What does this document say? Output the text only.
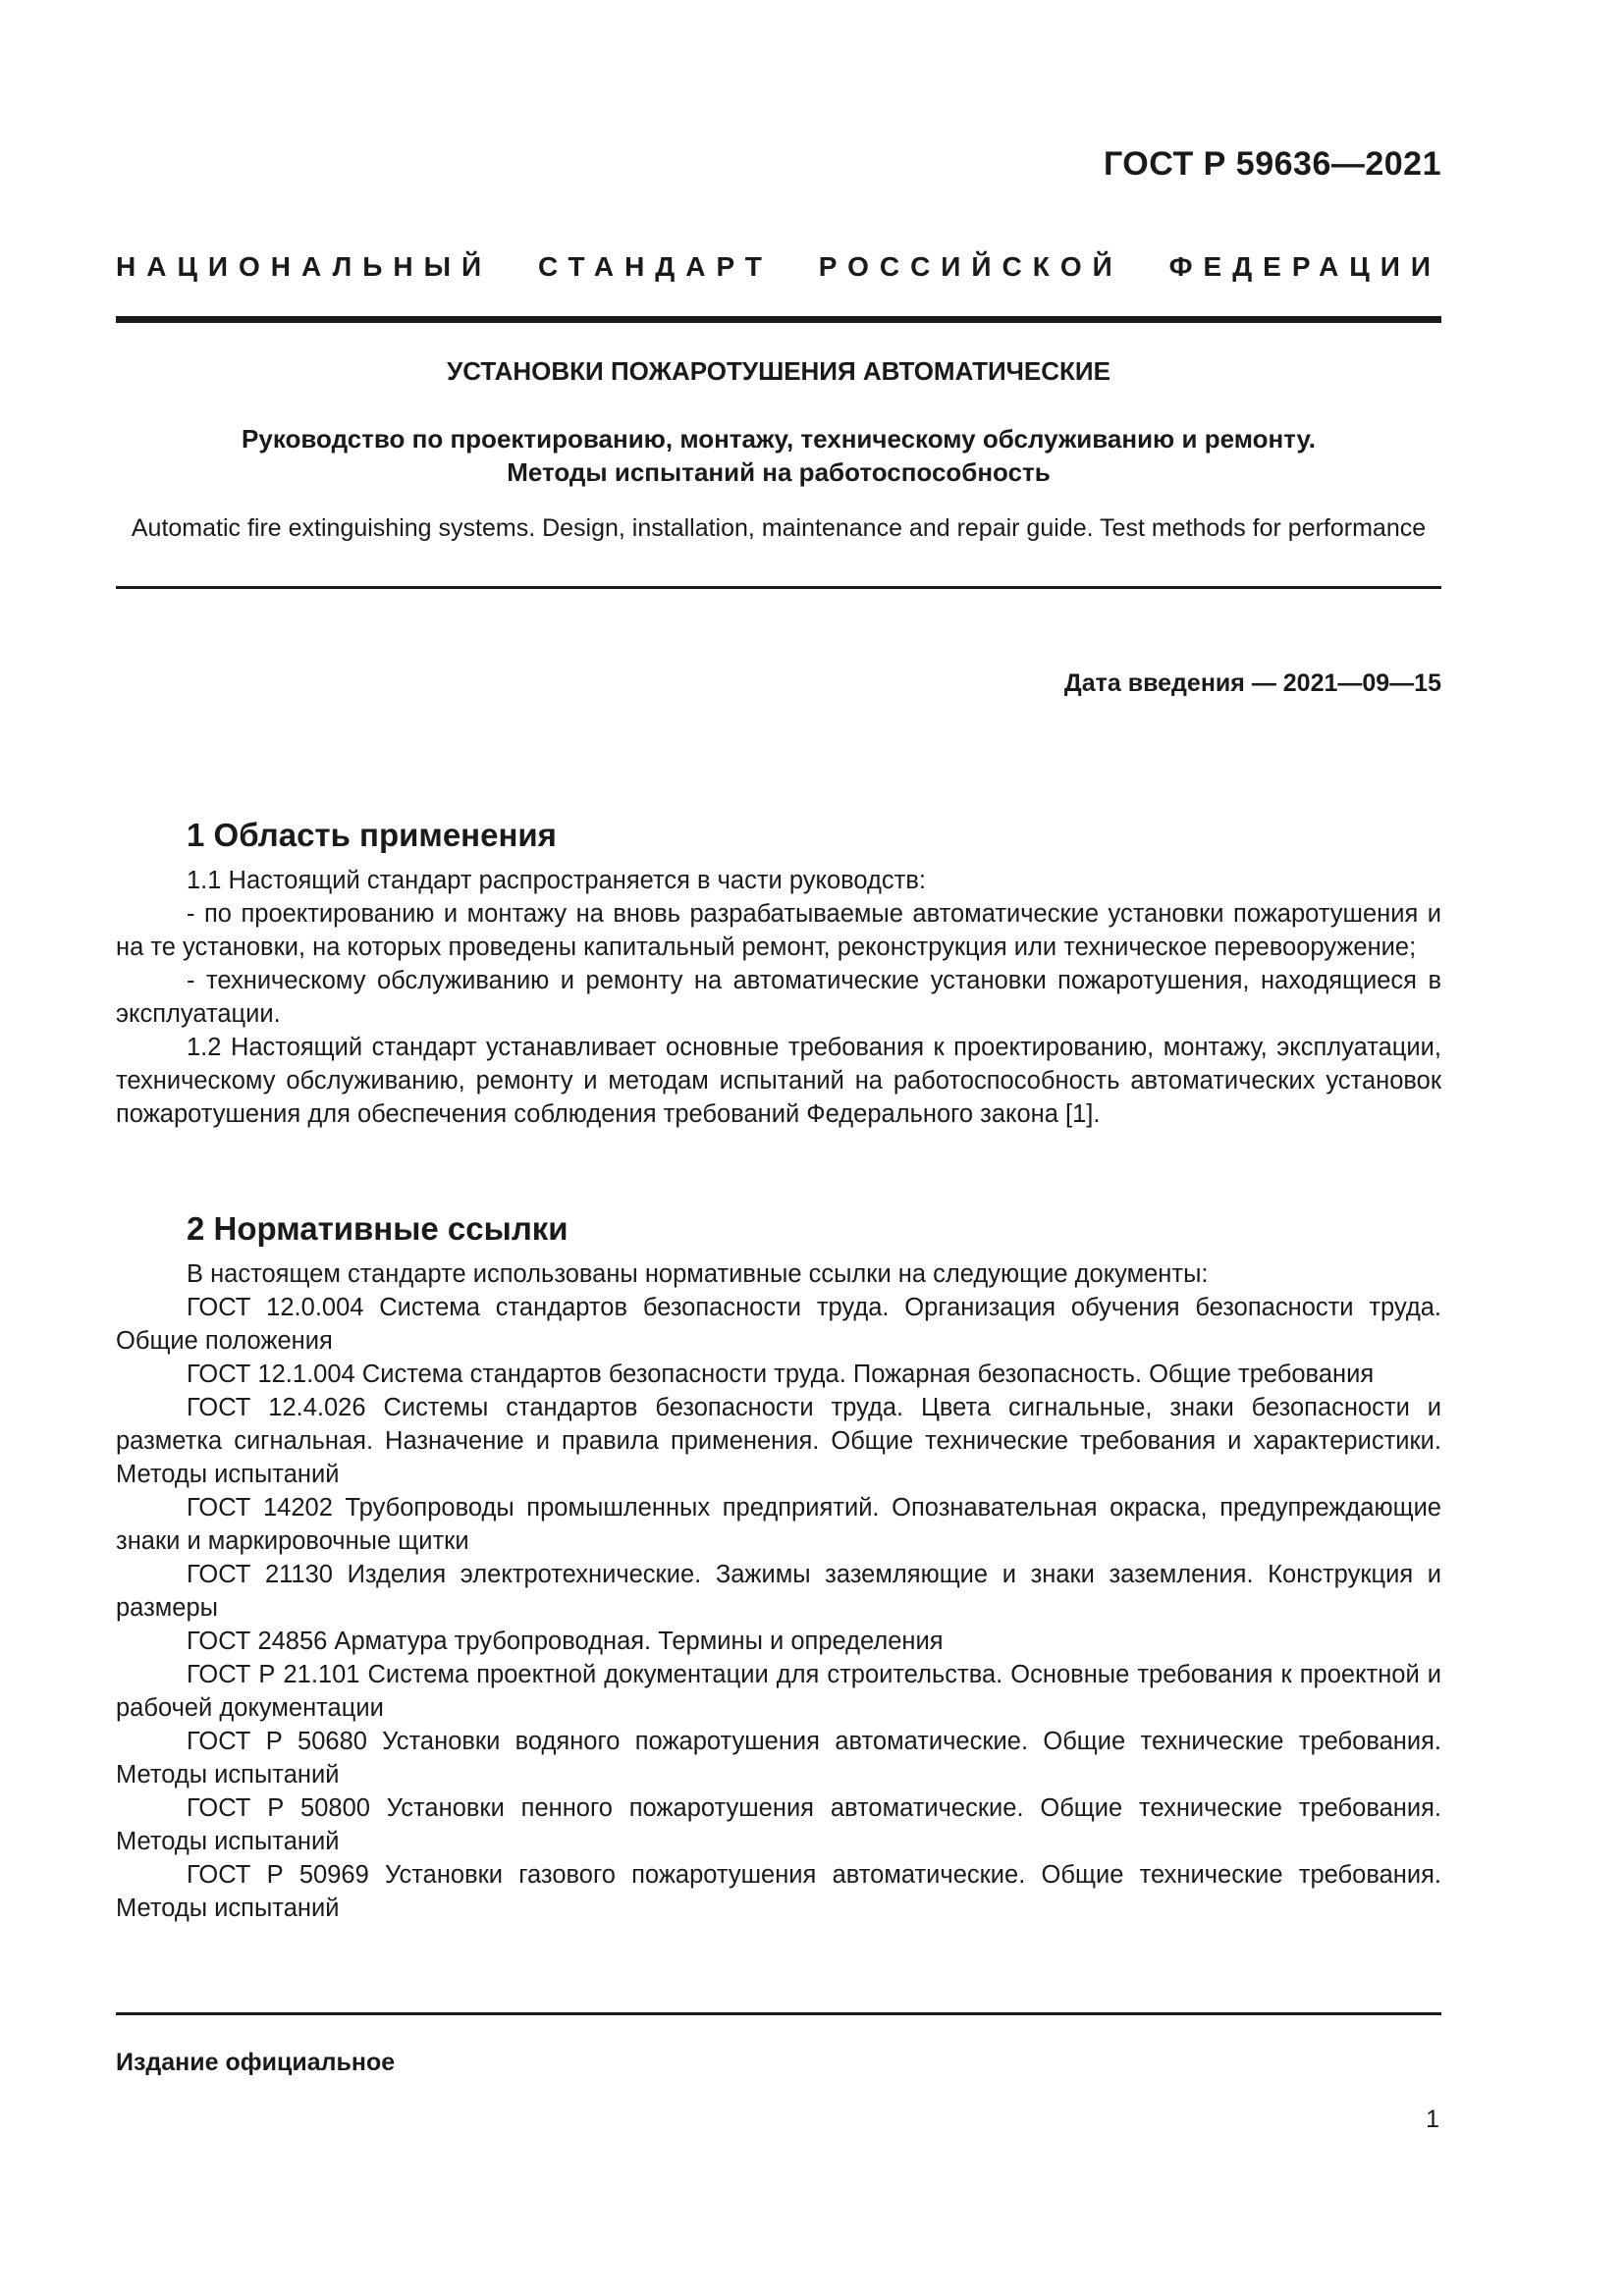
ГОСТ Р 59636—2021
НАЦИОНАЛЬНЫЙ СТАНДАРТ РОССИЙСКОЙ ФЕДЕРАЦИИ
УСТАНОВКИ ПОЖАРОТУШЕНИЯ АВТОМАТИЧЕСКИЕ
Руководство по проектированию, монтажу, техническому обслуживанию и ремонту.
Методы испытаний на работоспособность
Automatic fire extinguishing systems. Design, installation, maintenance and repair guide. Test methods for performance
Дата введения — 2021—09—15
1 Область применения
1.1 Настоящий стандарт распространяется в части руководств:
- по проектированию и монтажу на вновь разрабатываемые автоматические установки пожаротушения и на те установки, на которых проведены капитальный ремонт, реконструкция или техническое перевооружение;
- техническому обслуживанию и ремонту на автоматические установки пожаротушения, находящиеся в эксплуатации.
1.2 Настоящий стандарт устанавливает основные требования к проектированию, монтажу, эксплуатации, техническому обслуживанию, ремонту и методам испытаний на работоспособность автоматических установок пожаротушения для обеспечения соблюдения требований Федерального закона [1].
2 Нормативные ссылки
В настоящем стандарте использованы нормативные ссылки на следующие документы:
ГОСТ 12.0.004 Система стандартов безопасности труда. Организация обучения безопасности труда. Общие положения
ГОСТ 12.1.004 Система стандартов безопасности труда. Пожарная безопасность. Общие требования
ГОСТ 12.4.026 Системы стандартов безопасности труда. Цвета сигнальные, знаки безопасности и разметка сигнальная. Назначение и правила применения. Общие технические требования и характеристики. Методы испытаний
ГОСТ 14202 Трубопроводы промышленных предприятий. Опознавательная окраска, предупреждающие знаки и маркировочные щитки
ГОСТ 21130 Изделия электротехнические. Зажимы заземляющие и знаки заземления. Конструкция и размеры
ГОСТ 24856 Арматура трубопроводная. Термины и определения
ГОСТ Р 21.101 Система проектной документации для строительства. Основные требования к проектной и рабочей документации
ГОСТ Р 50680 Установки водяного пожаротушения автоматические. Общие технические требования. Методы испытаний
ГОСТ Р 50800 Установки пенного пожаротушения автоматические. Общие технические требования. Методы испытаний
ГОСТ Р 50969 Установки газового пожаротушения автоматические. Общие технические требования. Методы испытаний
Издание официальное
1
